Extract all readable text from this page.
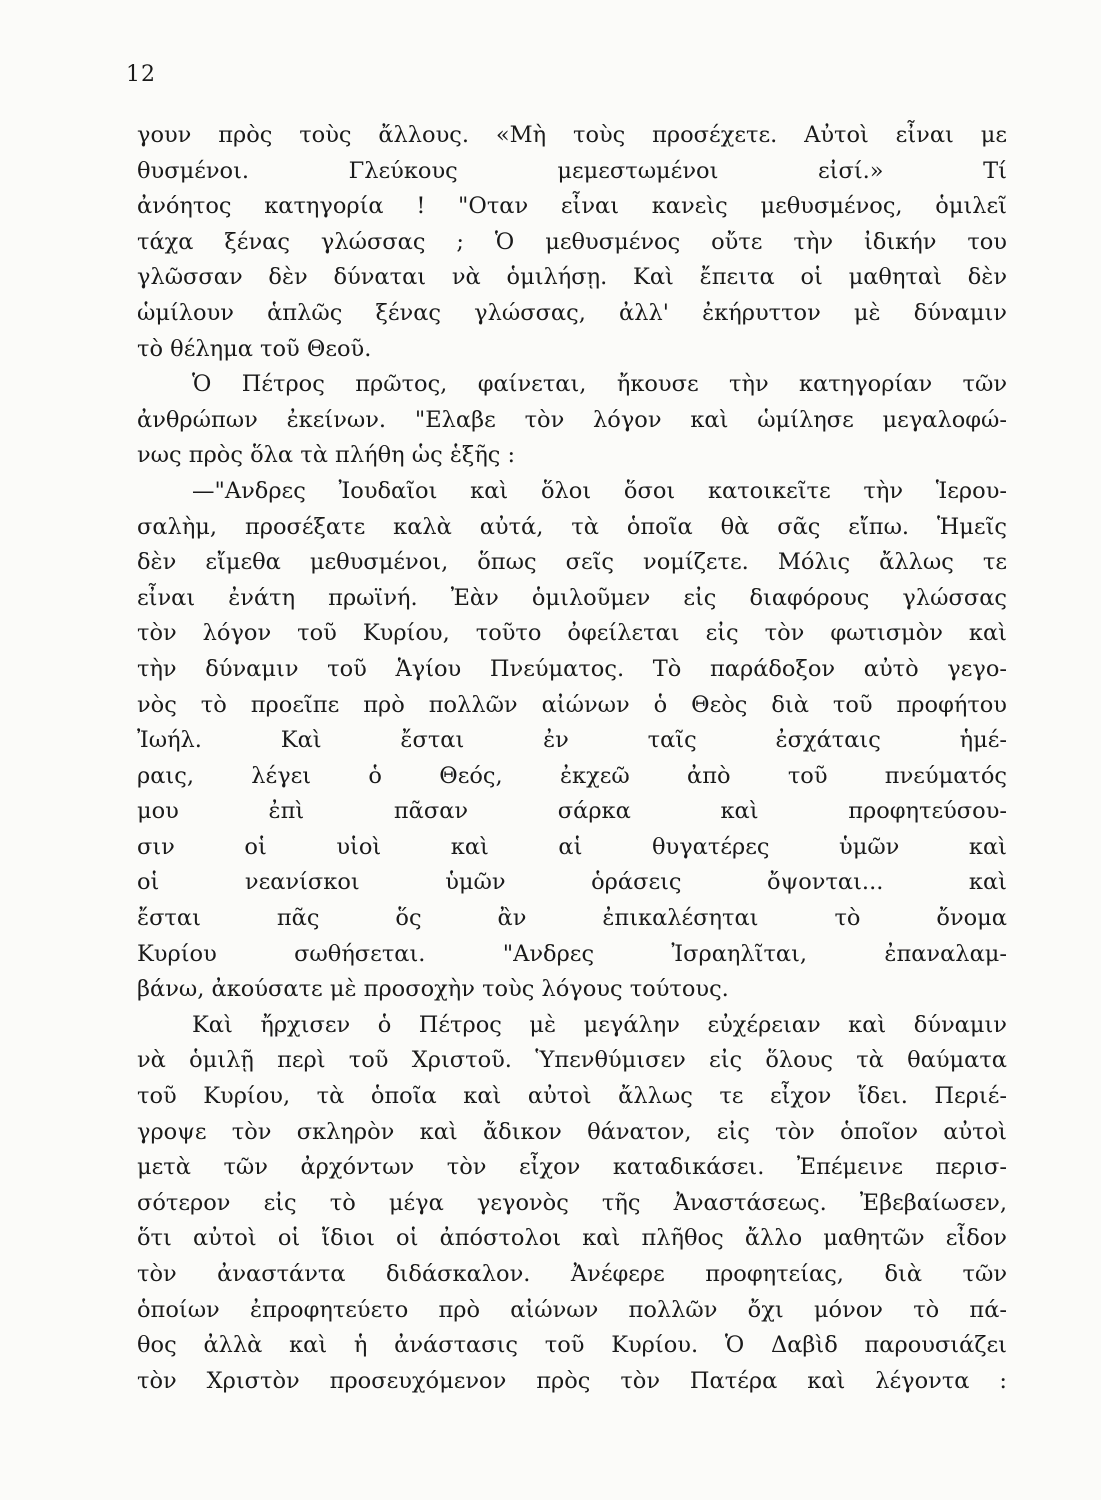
12
γουν πρὸς τοὺς ἄλλους. «Μὴ τοὺς προσέχετε. Αὐτοὶ εἶναι με
θυσμένοι. Γλεύκους μεμεστωμένοι εἰσί.» Τί
ἀνόητος κατηγορία ! "Οταν εἶναι κανεὶς μεθυσμένος, ὁμιλεῖ
τάχα ξένας γλώσσας ; Ὁ μεθυσμένος οὔτε τὴν ἰδικήν του
γλῶσσαν δὲν δύναται νὰ ὁμιλήσῃ. Καὶ ἔπειτα οἱ μαθηταὶ δὲν
ὡμίλουν ἁπλῶς ξένας γλώσσας, ἀλλ' ἐκήρυττον μὲ δύναμιν
τὸ θέλημα τοῦ Θεοῦ.
Ὁ Πέτρος πρῶτος, φαίνεται, ἤκουσε τὴν κατηγορίαν τῶν
ἀνθρώπων ἐκείνων. "Ελαβε τὸν λόγον καὶ ὡμίλησε μεγαλοφώ-
νως πρὸς ὅλα τὰ πλήθη ὡς ἑξῆς :
—"Ανδρες Ἰουδαῖοι καὶ ὅλοι ὅσοι κατοικεῖτε τὴν Ἱερου-
σαλὴμ, προσέξατε καλὰ αὐτά, τὰ ὁποῖα θὰ σᾶς εἴπω. Ἡμεῖς
δὲν εἴμεθα μεθυσμένοι, ὅπως σεῖς νομίζετε. Μόλις ἄλλως τε
εἶναι ἐνάτη πρωϊνή. Ἐὰν ὁμιλοῦμεν εἰς διαφόρους γλώσσας
τὸν λόγον τοῦ Κυρίου, τοῦτο ὀφείλεται εἰς τὸν φωτισμὸν καὶ
τὴν δύναμιν τοῦ Ἁγίου Πνεύματος. Τὸ παράδοξον αὐτὸ γεγο-
νὸς τὸ προεῖπε πρὸ πολλῶν αἰώνων ὁ Θεὸς διὰ τοῦ προφήτου
Ἰωήλ. Καὶ ἔσται ἐν ταῖς ἐσχάταις ἡμέ-
ραις, λέγει ὁ Θεός, ἐκχεῶ ἀπὸ τοῦ πνεύματός
μου ἐπὶ πᾶσαν σάρκα καὶ προφητεύσου-
σιν οἱ υἱοὶ καὶ αἱ θυγατέρες ὑμῶν καὶ
οἱ νεανίσκοι ὑμῶν ὁράσεις ὄψονται... καὶ
ἔσται πᾶς ὅς ἂν ἐπικαλέσηται τὸ ὄνομα
Κυρίου σωθήσεται. "Ανδρες Ἰσραηλῖται, ἐπαναλαμ-
βάνω, ἀκούσατε μὲ προσοχὴν τοὺς λόγους τούτους.
Καὶ ἤρχισεν ὁ Πέτρος μὲ μεγάλην εὐχέρειαν καὶ δύναμιν
νὰ ὁμιλῇ περὶ τοῦ Χριστοῦ. Ὑπενθύμισεν εἰς ὅλους τὰ θαύματα
τοῦ Κυρίου, τὰ ὁποῖα καὶ αὐτοὶ ἄλλως τε εἶχον ἴδει. Περιέ-
γροψε τὸν σκληρὸν καὶ ἄδικον θάνατον, εἰς τὸν ὁποῖον αὐτοὶ
μετὰ τῶν ἀρχόντων τὸν εἶχον καταδικάσει. Ἐπέμεινε περισ-
σότερον εἰς τὸ μέγα γεγονὸς τῆς Ἀναστάσεως. Ἐβεβαίωσεν,
ὅτι αὐτοὶ οἱ ἴδιοι οἱ ἀπόστολοι καὶ πλῆθος ἄλλο μαθητῶν εἶδον
τὸν ἀναστάντα διδάσκαλον. Ἀνέφερε προφητείας, διὰ τῶν
ὁποίων ἐπροφητεύετο πρὸ αἰώνων πολλῶν ὄχι μόνον τὸ πά-
θος ἀλλὰ καὶ ἡ ἀνάστασις τοῦ Κυρίου. Ὁ Δαβὶδ παρουσιάζει
τὸν Χριστὸν προσευχόμενον πρὸς τὸν Πατέρα καὶ λέγοντα :
